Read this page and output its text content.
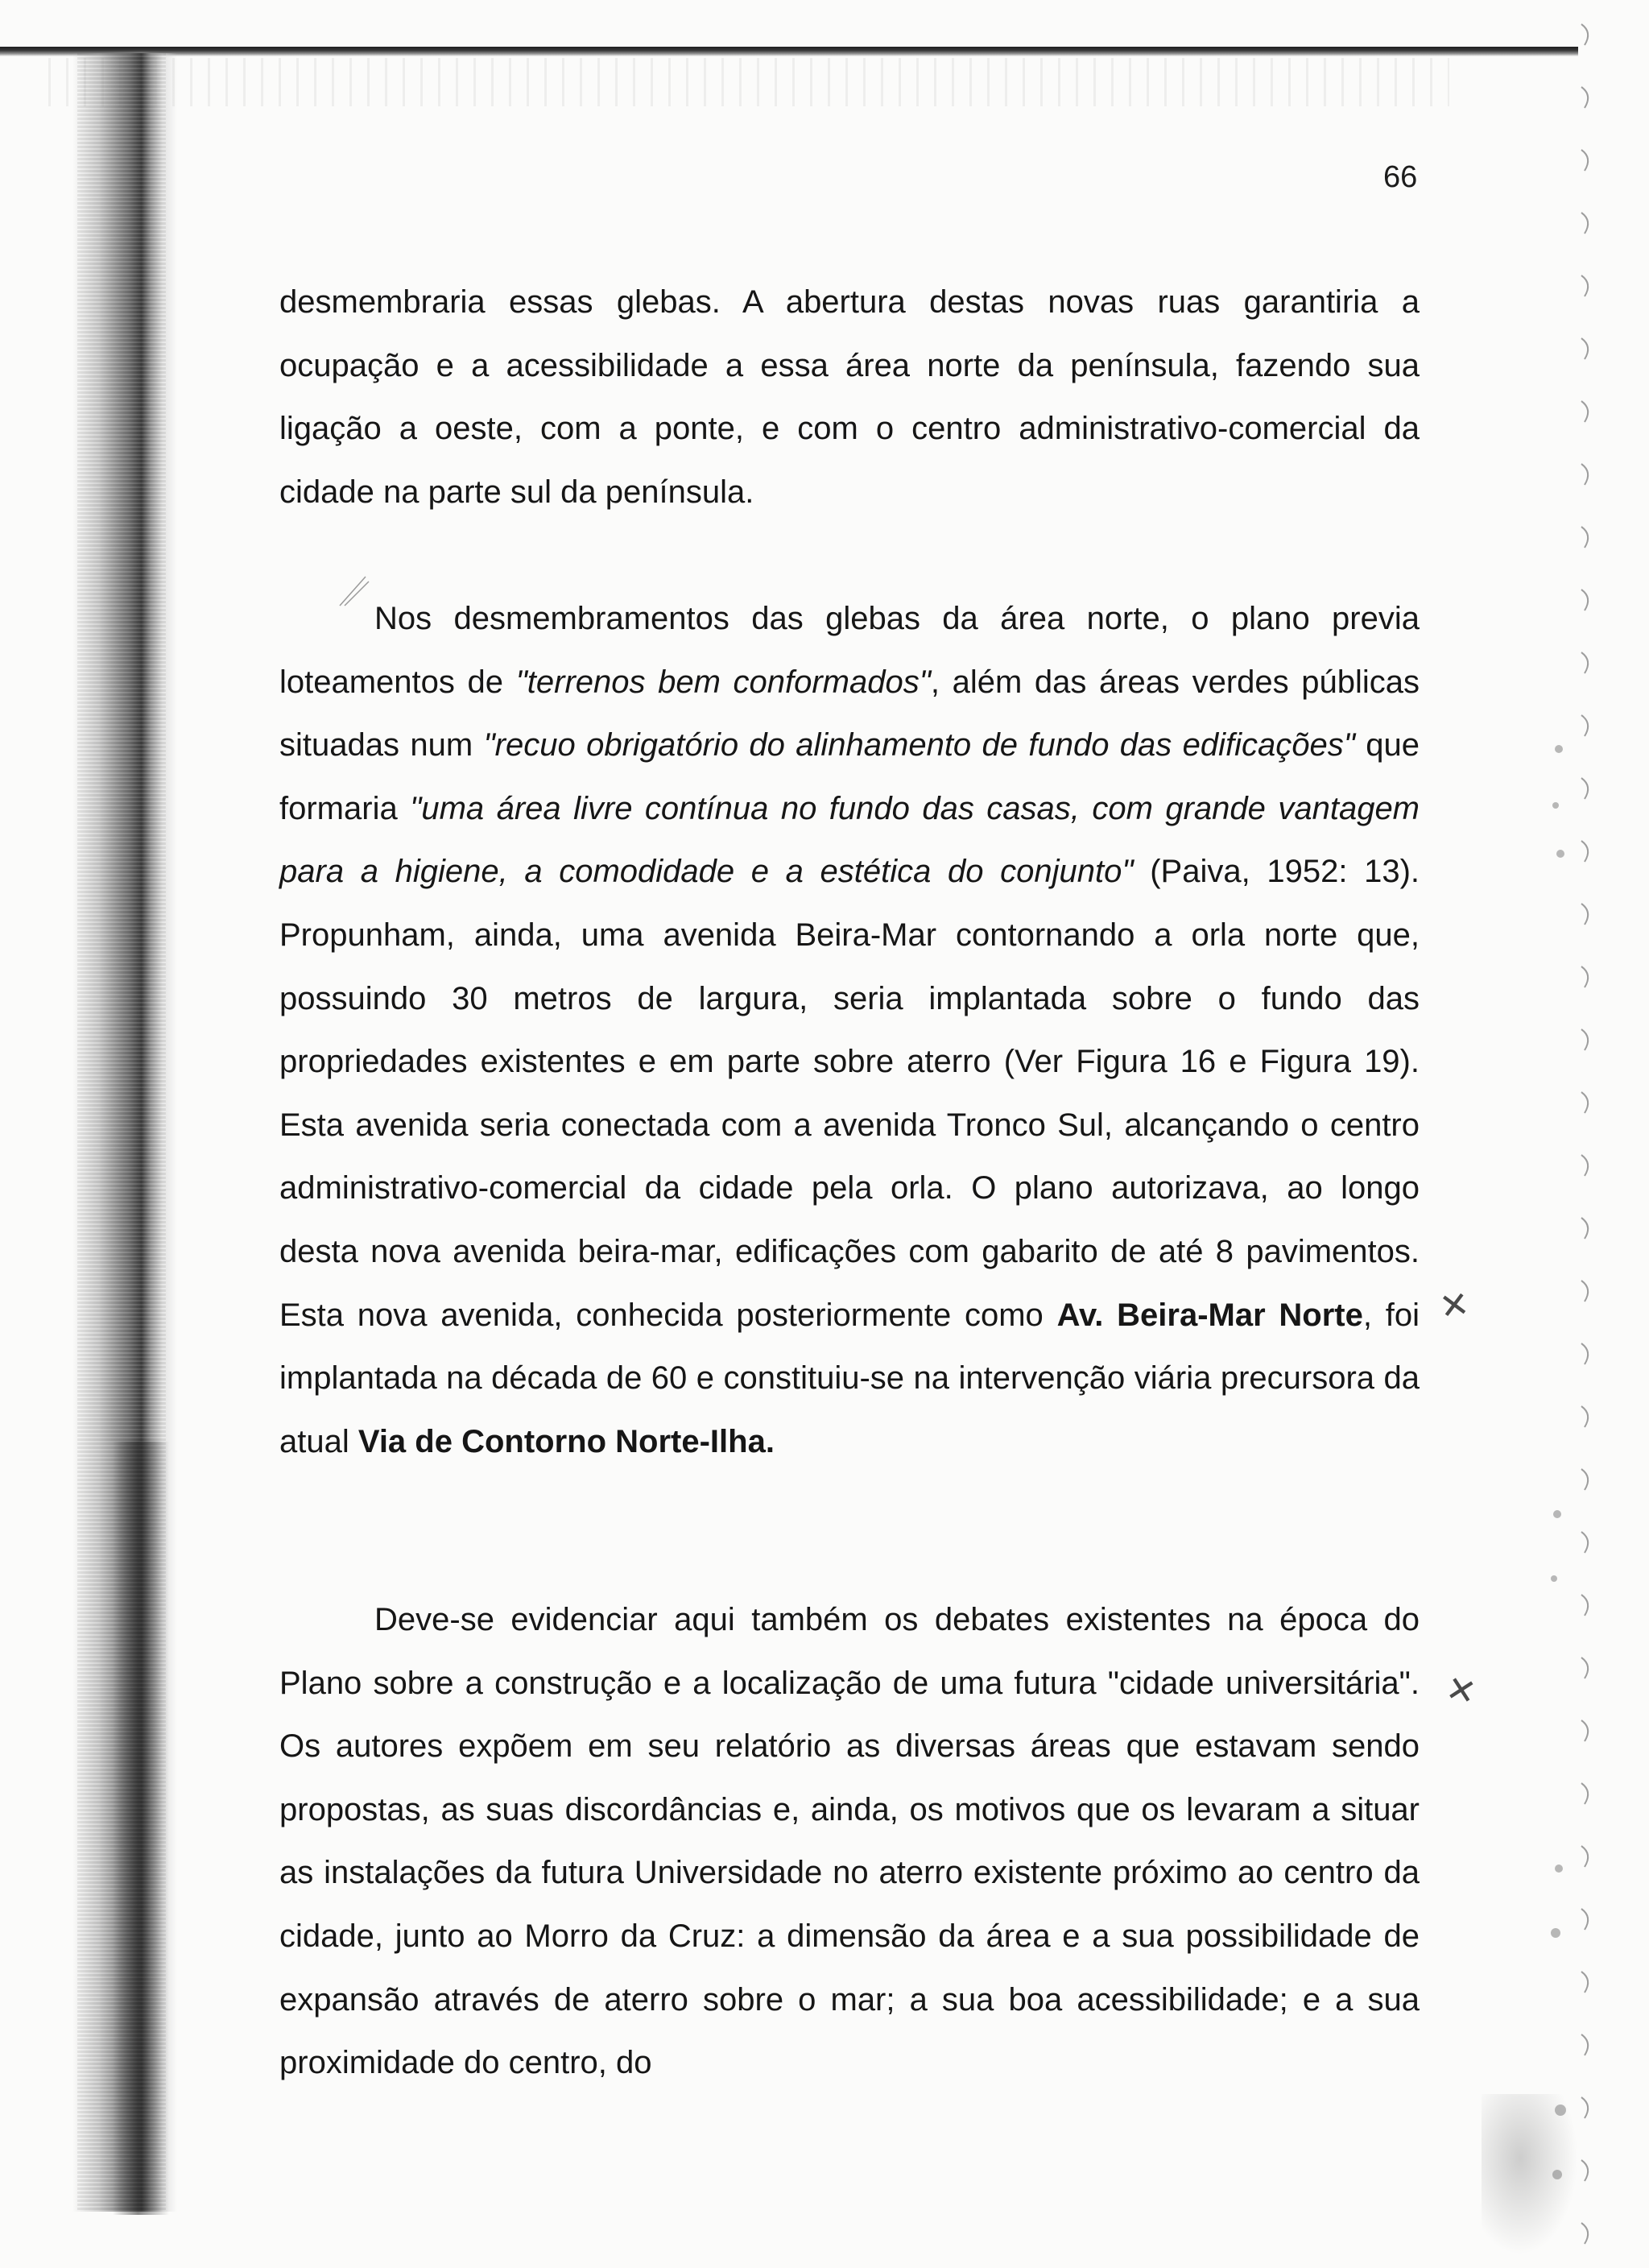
66

desmembraria essas glebas. A abertura destas novas ruas garantiria a ocupação e a acessibilidade a essa área norte da península, fazendo sua ligação a oeste, com a ponte, e com o centro administrativo-comercial da cidade na parte sul da península.

Nos desmembramentos das glebas da área norte, o plano previa loteamentos de "terrenos bem conformados", além das áreas verdes públicas situadas num "recuo obrigatório do alinhamento de fundo das edificações" que formaria "uma área livre contínua no fundo das casas, com grande vantagem para a higiene, a comodidade e a estética do conjunto" (Paiva, 1952: 13). Propunham, ainda, uma avenida Beira-Mar contornando a orla norte que, possuindo 30 metros de largura, seria implantada sobre o fundo das propriedades existentes e em parte sobre aterro (Ver Figura 16 e Figura 19). Esta avenida seria conectada com a avenida Tronco Sul, alcançando o centro administrativo-comercial da cidade pela orla. O plano autorizava, ao longo desta nova avenida beira-mar, edificações com gabarito de até 8 pavimentos. Esta nova avenida, conhecida posteriormente como Av. Beira-Mar Norte, foi implantada na década de 60 e constituiu-se na intervenção viária precursora da atual Via de Contorno Norte-Ilha.

Deve-se evidenciar aqui também os debates existentes na época do Plano sobre a construção e a localização de uma futura "cidade universitária". Os autores expõem em seu relatório as diversas áreas que estavam sendo propostas, as suas discordâncias e, ainda, os motivos que os levaram a situar as instalações da futura Universidade no aterro existente próximo ao centro da cidade, junto ao Morro da Cruz: a dimensão da área e a sua possibilidade de expansão através de aterro sobre o mar; a sua boa acessibilidade; e a sua proximidade do centro, do

✕
✕
